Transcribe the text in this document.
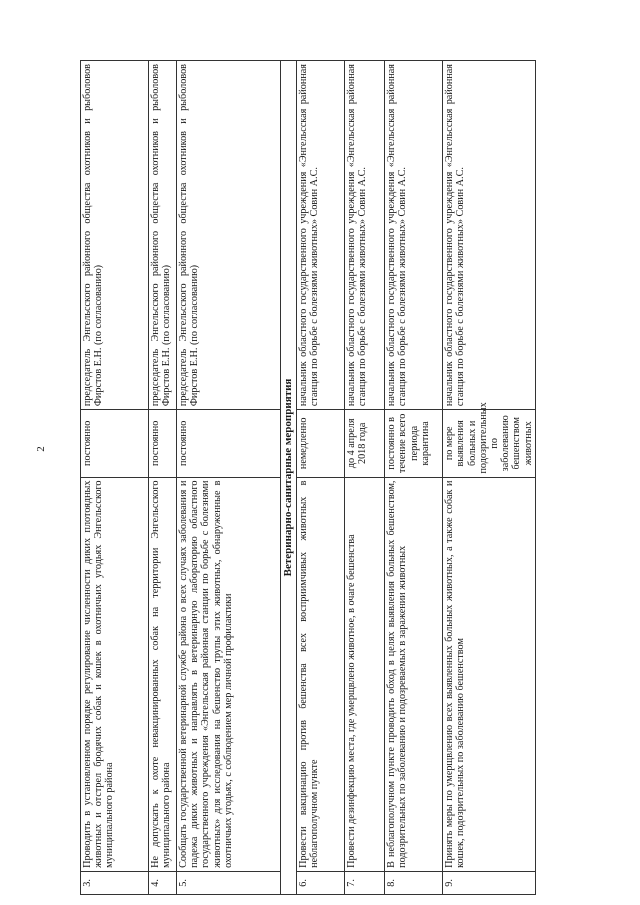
2
3.	Проводить в установленном порядке регулирование численности диких плотоядных животных и отстрел бродячих собак и кошек в охотничьих угодьях Энгельсского муниципального района	постоянно	председатель Энгельсского районного общества охотников и рыболовов Фирстов Е.Н. (по согласованию)
4.	Не допускать к охоте невакцинированных собак на территории Энгельсского муниципального района	постоянно	председатель Энгельсского районного общества охотников и рыболовов Фирстов Е.Н. (по согласованию)
5.	Сообщать государственной ветеринарной службе района о всех случаях заболевания и падежа диких животных и направлять в ветеринарную лабораторию областного государственного учреждения «Энгельсская районная станции по борьбе с болезнями животных» для исследования на бешенство трупы этих животных, обнаруженные в охотничьих угодьях, с соблюдением мер личной профилактики	постоянно	председатель Энгельсского районного общества охотников и рыболовов Фирстов Е.Н. (по согласованию)
Ветеринарно-санитарные мероприятия			
6.	Провести вакцинацию против бешенства всех восприимчивых животных в неблагополучном пункте	немедленно	начальник областного государственного учреждения «Энгельсская районная станция по борьбе с болезнями животных» Совин А.С.
7.	Провести дезинфекцию места, где умерщвлено животное, в очаге бешенства	до 4 апреля 2018 года	начальник областного государственного учреждения «Энгельсская районная станция по борьбе с болезнями животных» Совин А.С.
8.	В неблагополучном пункте проводить обход в целях выявления больных бешенством, подозрительных по заболеванию и подозреваемых в заражении животных	постоянно в течение всего периода карантина	начальник областного государственного учреждения «Энгельсская районная станция по борьбе с болезнями животных» Совин А.С.
9.	Принять меры по умерщвлению всех выявленных больных животных, а также собак и кошек, подозрительных по заболеванию бешенством	по мере выявления больных и подозрительных по заболеванию бешенством животных	начальник областного государственного учреждения «Энгельсская районная станция по борьбе с болезнями животных» Совин А.С.
